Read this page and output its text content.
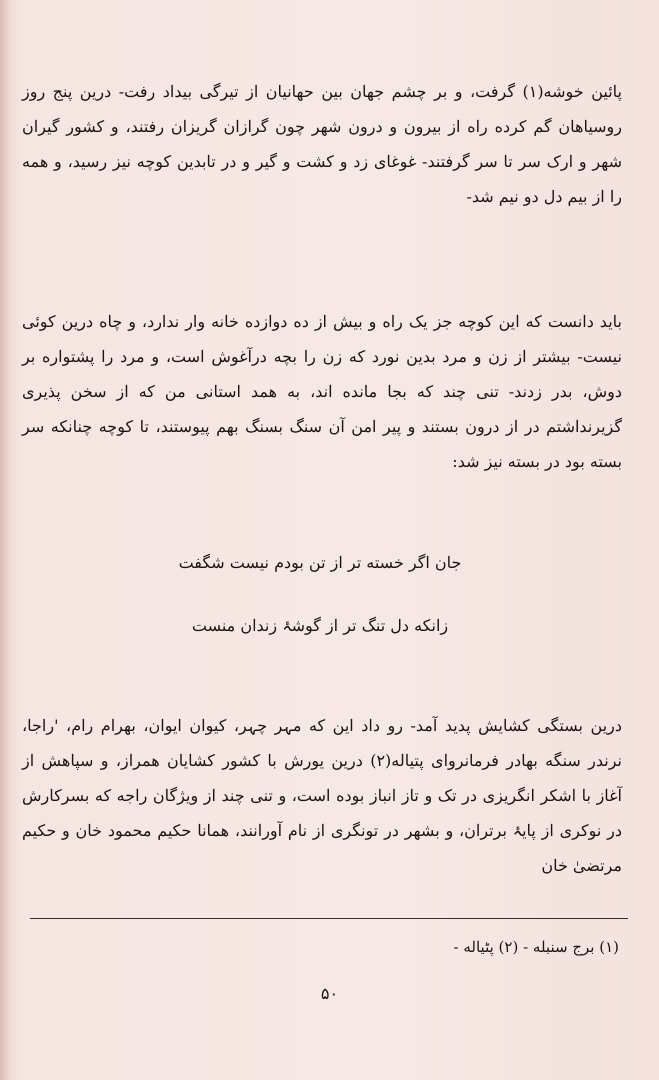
پائین خوشه(۱) گرفت، و بر چشم جهان بین حهانیان از تیرگی بیداد رفت- درین پنج روز روسیاهان گم کرده راه از بیرون و درون شهر چون گرازان گریزان رفتند، و کشور گیران شهر و ارک سر تا سر گرفتند- غوغای زد و کشت و گیر و در تابدین کوچه نیز رسید، و همه را از بیم دل دو نیم شد-

باید دانست که این کوچه جز یک راه و بیش از ده دوازده خانه وار ندارد، و چاه درین کوئی نیست- بیشتر از زن و مرد بدین نورد که زن را بچه درآغوش است، و مرد را پشتواره بر دوش، بدر زدند- تنی چند که بجا مانده اند، به همد استانی من که از سخن پذیری گزیرنداشتم در از درون بستند و پیر امن آن سنگ بسنگ بهم پیوستند، تا کوچه چنانکه سر بسته بود در بسته نیز شد:

جان اگر خسته تر از تن بودم نیست شگفت
زانکه دل تنگ تر از گوشۂ زندان منست

درین بستگی کشایش پدید آمد- رو داد این که مہر چہر، کیوان ایوان، بهرام رام، 'راجا، نرندر سنگه بهادر فرمانروای پتیاله(۲) درین یورش با کشور کشایان همراز، و سپاهش از آغاز با اشکر انگریزی در تک و تاز انباز بوده است، و تنی چند از ویژگان راجه که بسرکارش در نوکری از پایۂ برتران، و بشهر در تونگری از نام آورانند، همانا حکیم محمود خان و حکیم مرتضیٰ خان

(۱) برج سنبله - (۲) پٹیاله -
۵۰
